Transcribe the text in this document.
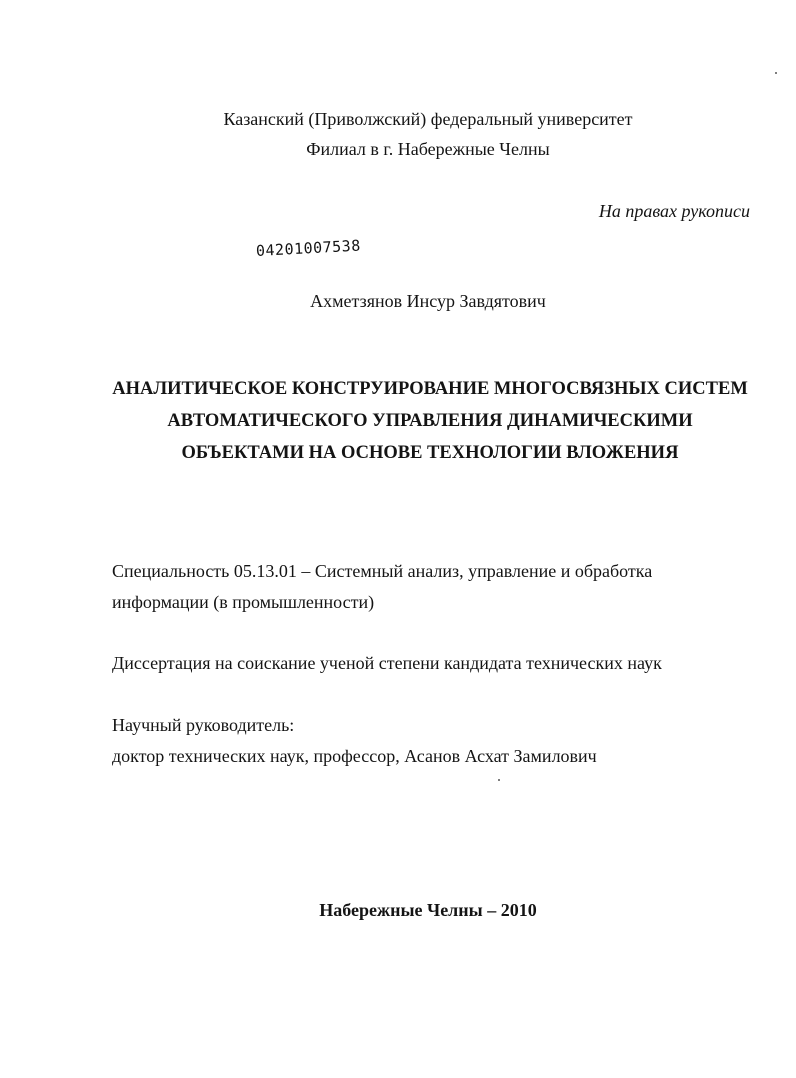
Казанский (Приволжский) федеральный университет
Филиал в г. Набережные Челны
На правах рукописи
04201007538
Ахметзянов Инсур Завдятович
АНАЛИТИЧЕСКОЕ КОНСТРУИРОВАНИЕ МНОГОСВЯЗНЫХ СИСТЕМ
АВТОМАТИЧЕСКОГО УПРАВЛЕНИЯ ДИНАМИЧЕСКИМИ
ОБЪЕКТАМИ НА ОСНОВЕ ТЕХНОЛОГИИ ВЛОЖЕНИЯ
Специальность 05.13.01 – Системный анализ, управление и обработка
информации (в промышленности)
Диссертация на соискание ученой степени кандидата технических наук
Научный руководитель:
доктор технических наук, профессор, Асанов Асхат Замилович
Набережные Челны – 2010
